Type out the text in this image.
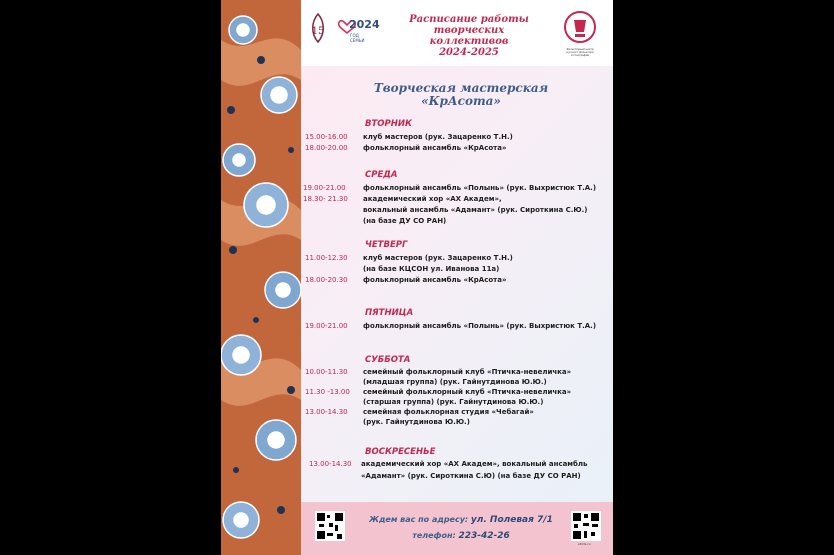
15
2024
ГОД СЕМЬИ
Расписание работы
творческих коллективов
2024-2025	Фольклорный центр
русского фольклора
и этнографии
Творческая мастерская
«КрАсота»
ВТОРНИК
15.00-16.00 клуб мастеров (рук. Зацаренко Т.Н.)
18.00-20.00 фольклорный ансамбль «КрАсота»
СРЕДА
19.00-21.00 фольклорный ансамбль «Полынь» (рук. Выхристюк Т.А.)
18.30- 21.30 академический хор «АХ Академ»,
вокальный ансамбль «Адамант» (рук. Сироткина С.Ю.)
(на базе ДУ СО РАН)
ЧЕТВЕРГ
11.00-12.30 клуб мастеров (рук. Зацаренко Т.Н.)
(на базе КЦСОН ул. Иванова 11а)
18.00-20.30 фольклорный ансамбль «КрАсота»
ПЯТНИЦА
19.00-21.00 фольклорный ансамбль «Полынь» (рук. Выхристюк Т.А.)
СУББОТА
10.00-11.30 семейный фольклорный клуб «Птичка-невеличка»
(младшая группа) (рук. Гайнутдинова Ю.Ю.)
11.30 -13.00 семейный фольклорный клуб «Птичка-невеличка»
(старшая группа) (рук. Гайнутдинова Ю.Ю.)
13.00-14.30 семейная фольклорная студия «Чебагай»
(рук. Гайнутдинова Ю.Ю.)
ВОСКРЕСЕНЬЕ
13.00-14.30 академический хор «АХ Академ», вокальный ансамбль
«Адамант» (рук. Сироткина С.Ю) (на базе ДУ СО РАН)
Ждем вас по адресу: ул. Полевая 7/1
телефон: 223-42-26
sfcrfe.ru
